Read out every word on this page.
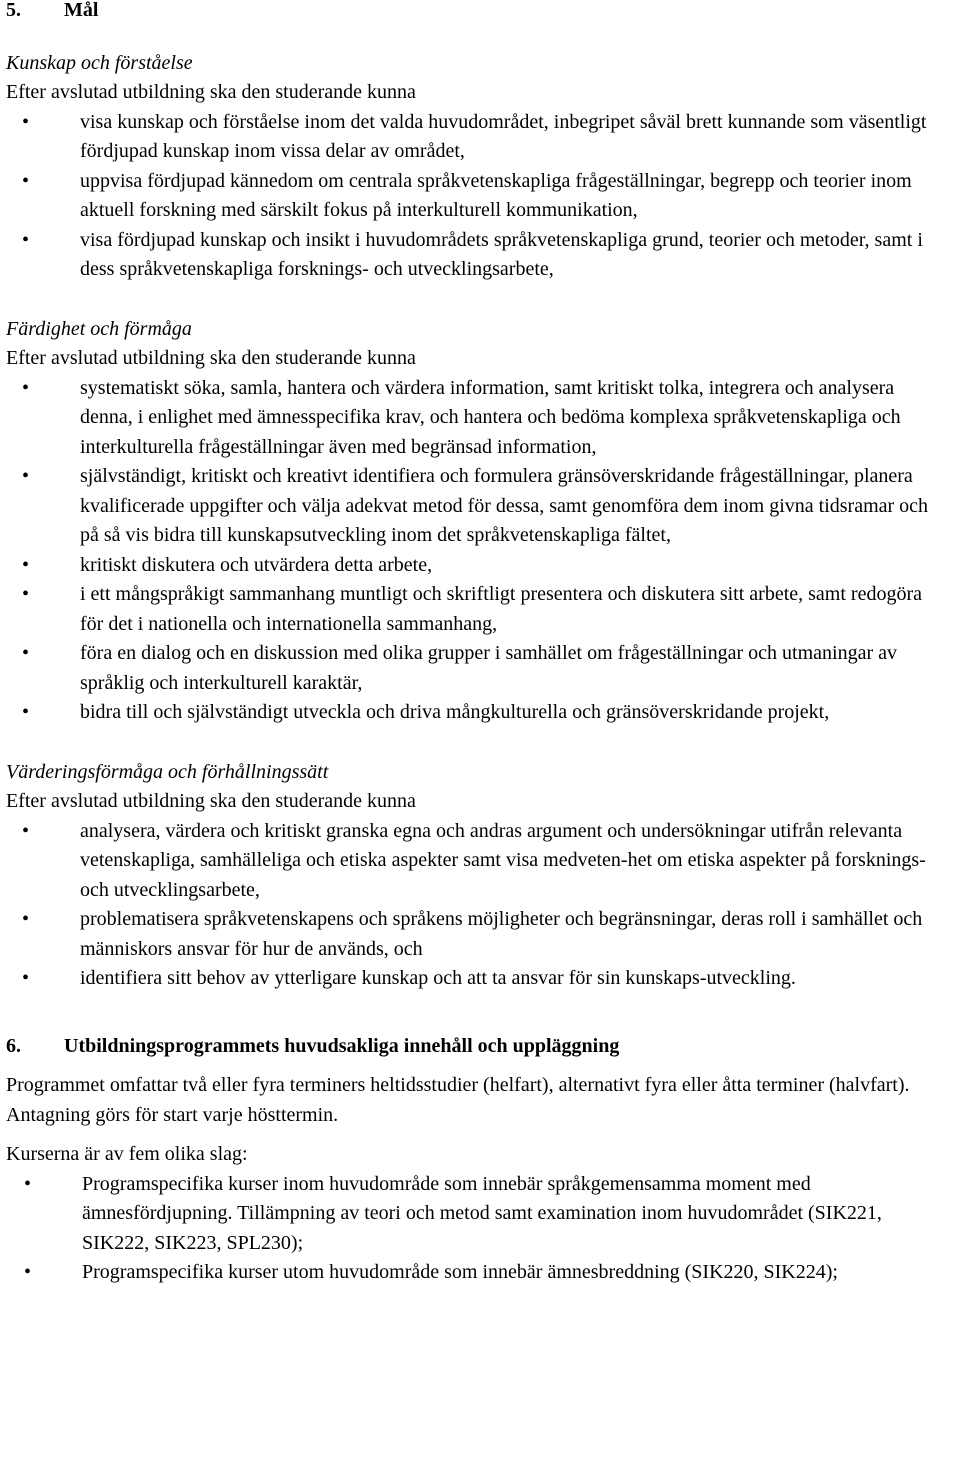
5.	Mål

Kunskap och förståelse

Efter avslutad utbildning ska den studerande kunna

•	visa kunskap och förståelse inom det valda huvudområdet, inbegripet såväl brett kunnande som väsentligt fördjupad kunskap inom vissa delar av området,
•	uppvisa fördjupad kännedom om centrala språkvetenskapliga frågeställningar, begrepp och teorier inom aktuell forskning med särskilt fokus på interkulturell kommunikation,
•	visa fördjupad kunskap och insikt i huvudområdets språkvetenskapliga grund, teorier och metoder, samt i dess språkvetenskapliga forsknings- och utvecklingsarbete,

Färdighet och förmåga

Efter avslutad utbildning ska den studerande kunna

•	systematiskt söka, samla, hantera och värdera information, samt kritiskt tolka, integrera och analysera denna, i enlighet med ämnesspecifika krav, och hantera och bedöma komplexa språkvetenskapliga och interkulturella frågeställningar även med begränsad information,
•	självständigt, kritiskt och kreativt identifiera och formulera gränsöverskridande frågeställningar, planera kvalificerade uppgifter och välja adekvat metod för dessa, samt genomföra dem inom givna tidsramar och på så vis bidra till kunskapsutveckling inom det språkvetenskapliga fältet,
•	kritiskt diskutera och utvärdera detta arbete,
•	i ett mångspråkigt sammanhang muntligt och skriftligt presentera och diskutera sitt arbete, samt redogöra för det i nationella och internationella sammanhang,
•	föra en dialog och en diskussion med olika grupper i samhället om frågeställningar och utmaningar av språklig och interkulturell karaktär,
•	bidra till och självständigt utveckla och driva mångkulturella och gränsöverskridande projekt,

Värderingsförmåga och förhållningssätt

Efter avslutad utbildning ska den studerande kunna

•	analysera, värdera och kritiskt granska egna och andras argument och undersökningar utifrån relevanta vetenskapliga, samhälleliga och etiska aspekter samt visa medveten-het om etiska aspekter på forsknings- och utvecklingsarbete,
•	problematisera språkvetenskapens och språkens möjligheter och begränsningar, deras roll i samhället och människors ansvar för hur de används, och
•	identifiera sitt behov av ytterligare kunskap och att ta ansvar för sin kunskaps-utveckling.
6.	Utbildningsprogrammets huvudsakliga innehåll och uppläggning

Programmet omfattar två eller fyra terminers heltidsstudier (helfart), alternativt fyra eller åtta terminer (halvfart). Antagning görs för start varje hösttermin.

Kurserna är av fem olika slag:

•	Programspecifika kurser inom huvudområde som innebär språkgemensamma moment med ämnesfördjupning. Tillämpning av teori och metod samt examination inom huvudområdet (SIK221, SIK222, SIK223, SPL230);
•	Programspecifika kurser utom huvudområde som innebär ämnesbreddning (SIK220, SIK224);
